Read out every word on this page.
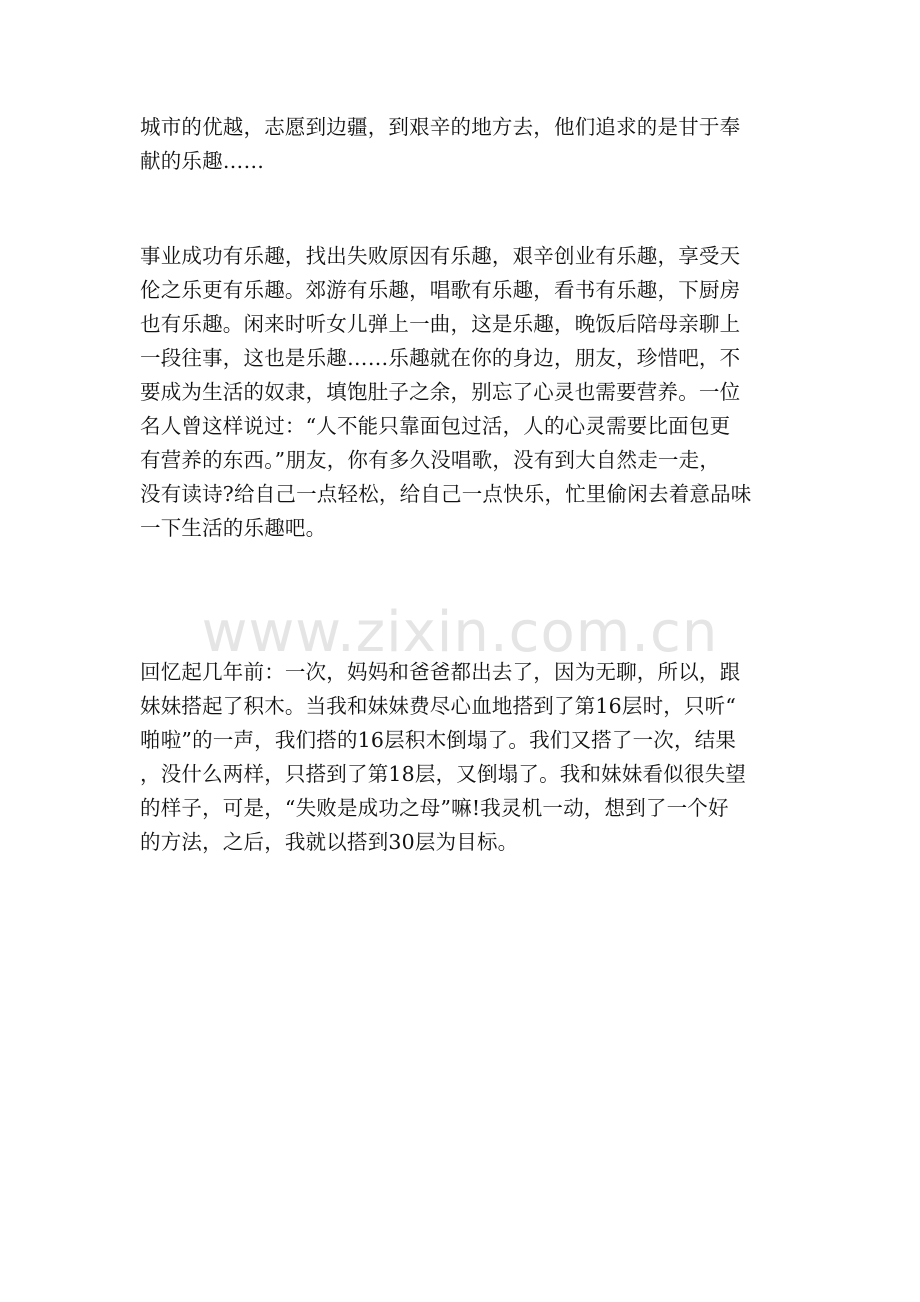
城市的优越，志愿到边疆，到艰辛的地方去，他们追求的是甘于奉
献的乐趣……
事业成功有乐趣，找出失败原因有乐趣，艰辛创业有乐趣，享受天
伦之乐更有乐趣。郊游有乐趣，唱歌有乐趣，看书有乐趣，下厨房
也有乐趣。闲来时听女儿弹上一曲，这是乐趣，晚饭后陪母亲聊上
一段往事，这也是乐趣……乐趣就在你的身边，朋友，珍惜吧，不
要成为生活的奴隶，填饱肚子之余，别忘了心灵也需要营养。一位
名人曾这样说过：“人不能只靠面包过活，人的心灵需要比面包更
有营养的东西。”朋友，你有多久没唱歌，没有到大自然走一走，
没有读诗?给自己一点轻松，给自己一点快乐，忙里偷闲去着意品味
一下生活的乐趣吧。
回忆起几年前：一次，妈妈和爸爸都出去了，因为无聊，所以，跟
妹妹搭起了积木。当我和妹妹费尽心血地搭到了第16层时，只听“
啪啦”的一声，我们搭的16层积木倒塌了。我们又搭了一次，结果
，没什么两样，只搭到了第18层，又倒塌了。我和妹妹看似很失望
的样子，可是，“失败是成功之母”嘛!我灵机一动，想到了一个好
的方法，之后，我就以搭到30层为目标。
www.zixin.com.cn
